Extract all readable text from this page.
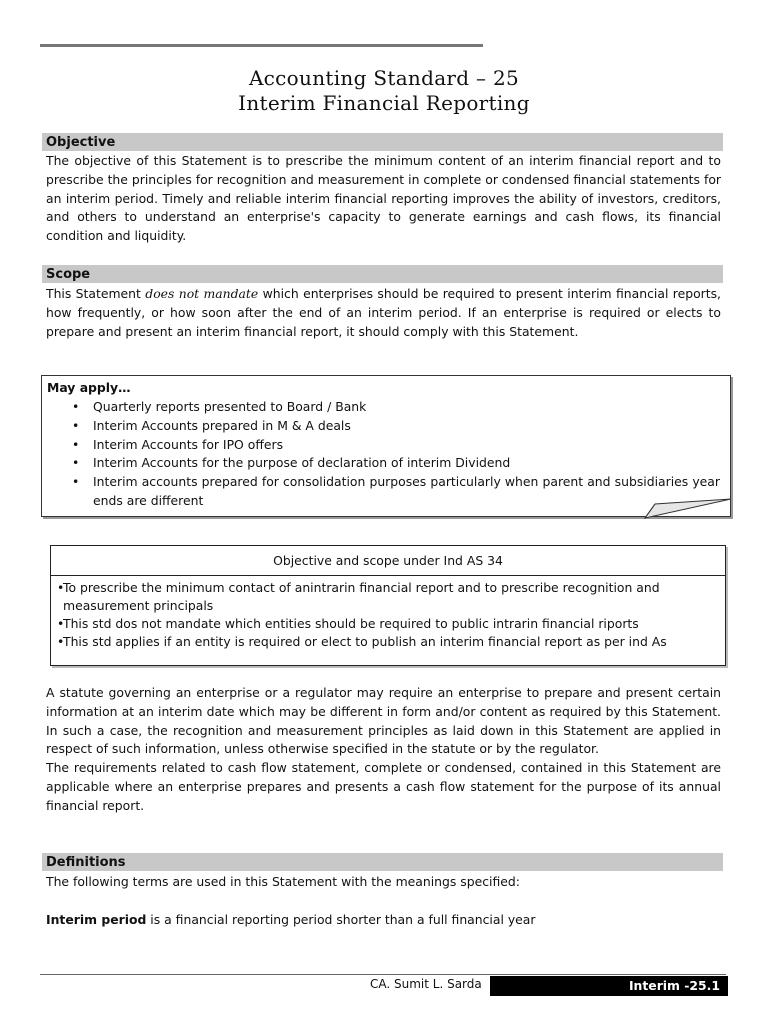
Accounting Standard – 25
Interim Financial Reporting
Objective

The objective of this Statement is to prescribe the minimum content of an interim financial report and to prescribe the principles for recognition and measurement in complete or condensed financial statements for an interim period. Timely and reliable interim financial reporting improves the ability of investors, creditors, and others to understand an enterprise's capacity to generate earnings and cash flows, its financial condition and liquidity.

Scope

This Statement does not mandate which enterprises should be required to present interim financial reports, how frequently, or how soon after the end of an interim period. If an enterprise is required or elects to prepare and present an interim financial report, it should comply with this Statement.

May apply…
• Quarterly reports presented to Board / Bank
• Interim Accounts prepared in M & A deals
• Interim Accounts for IPO offers
• Interim Accounts for the purpose of declaration of interim Dividend
• Interim accounts prepared for consolidation purposes particularly when parent and subsidiaries year ends are different
Objective and scope under Ind AS 34
• To prescribe the minimum contact of anintrarin financial report and to prescribe recognition and measurement principals
• This std dos not mandate which entities should be required to public intrarin financial riports
• This std applies if an entity is required or elect to publish an interim financial report as per ind As

A statute governing an enterprise or a regulator may require an enterprise to prepare and present certain information at an interim date which may be different in form and/or content as required by this Statement. In such a case, the recognition and measurement principles as laid down in this Statement are applied in respect of such information, unless otherwise specified in the statute or by the regulator.

The requirements related to cash flow statement, complete or condensed, contained in this Statement are applicable where an enterprise prepares and presents a cash flow statement for the purpose of its annual financial report.

Definitions
The following terms are used in this Statement with the meanings specified:
Interim period is a financial reporting period shorter than a full financial year
CA. Sumit L. Sarda	Interim -25.1
